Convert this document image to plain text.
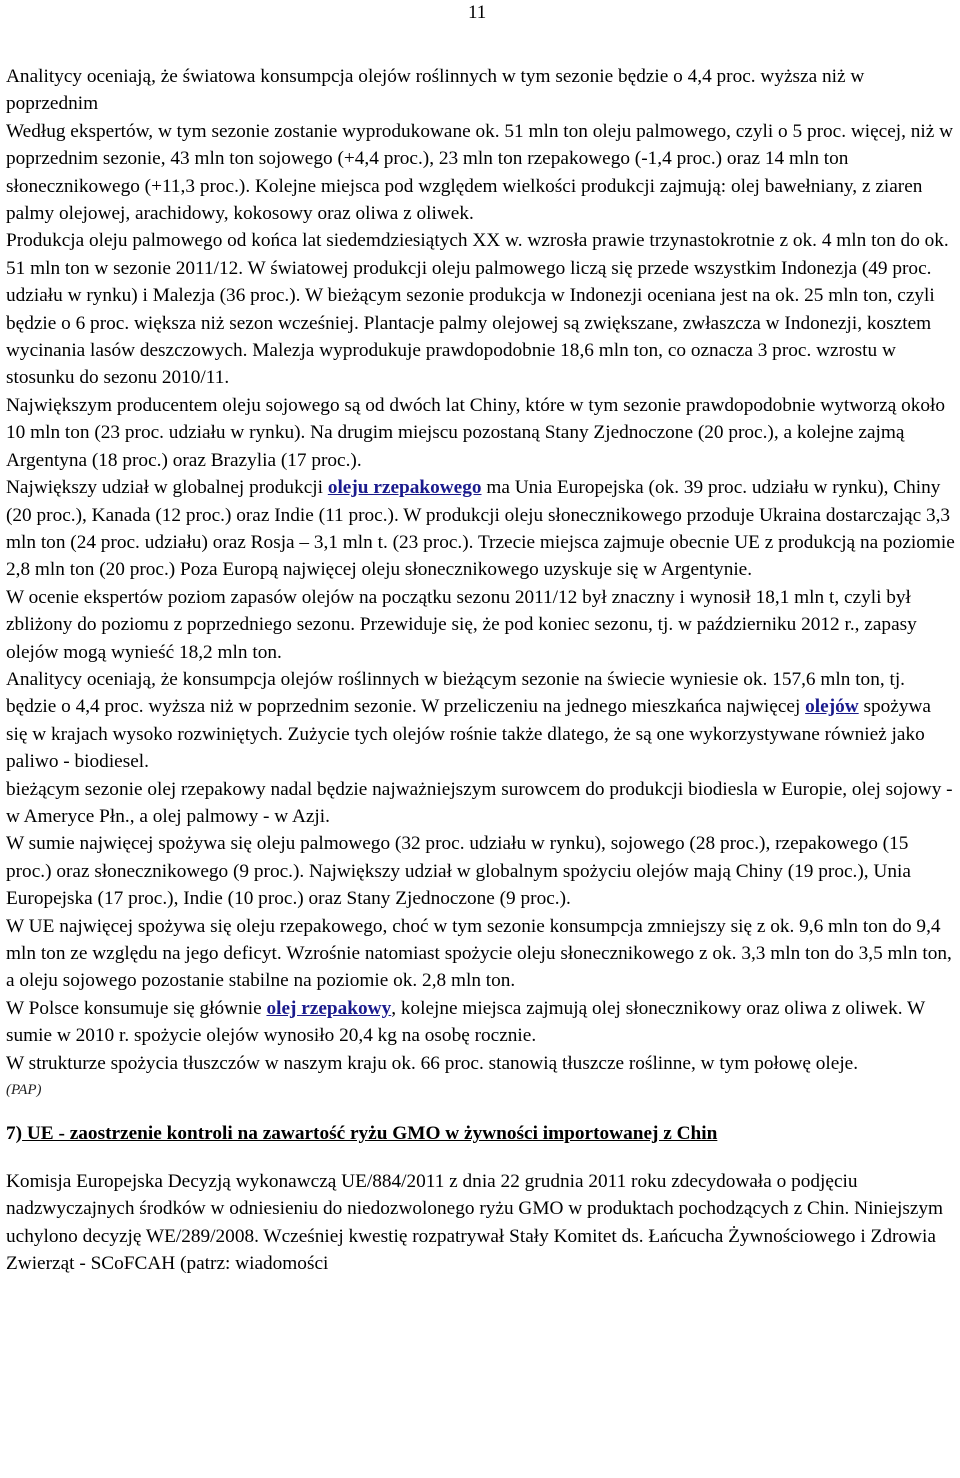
11

Analitycy oceniają, że światowa konsumpcja olejów roślinnych w tym sezonie będzie o 4,4 proc. wyższa niż w poprzednim

Według ekspertów, w tym sezonie zostanie wyprodukowane ok. 51 mln ton oleju palmowego, czyli o 5 proc. więcej, niż w poprzednim sezonie, 43 mln ton sojowego (+4,4 proc.), 23 mln ton rzepakowego (-1,4 proc.) oraz 14 mln ton słonecznikowego (+11,3 proc.). Kolejne miejsca pod względem wielkości produkcji zajmują: olej bawełniany, z ziaren palmy olejowej, arachidowy, kokosowy oraz oliwa z oliwek.

Produkcja oleju palmowego od końca lat siedemdziesiątych XX w. wzrosła prawie trzynastokrotnie z ok. 4 mln ton do ok. 51 mln ton w sezonie 2011/12. W światowej produkcji oleju palmowego liczą się przede wszystkim Indonezja (49 proc. udziału w rynku) i Malezja (36 proc.). W bieżącym sezonie produkcja w Indonezji oceniana jest na ok. 25 mln ton, czyli będzie o 6 proc. większa niż sezon wcześniej. Plantacje palmy olejowej są zwiększane, zwłaszcza w Indonezji, kosztem wycinania lasów deszczowych. Malezja wyprodukuje prawdopodobnie 18,6 mln ton, co oznacza 3 proc. wzrostu w stosunku do sezonu 2010/11.

Największym producentem oleju sojowego są od dwóch lat Chiny, które w tym sezonie prawdopodobnie wytworzą około 10 mln ton (23 proc. udziału w rynku). Na drugim miejscu pozostaną Stany Zjednoczone (20 proc.), a kolejne zajmą Argentyna (18 proc.) oraz Brazylia (17 proc.).

Największy udział w globalnej produkcji oleju rzepakowego ma Unia Europejska (ok. 39 proc. udziału w rynku), Chiny (20 proc.), Kanada (12 proc.) oraz Indie (11 proc.). W produkcji oleju słonecznikowego przoduje Ukraina dostarczając 3,3 mln ton (24 proc. udziału) oraz Rosja – 3,1 mln t. (23 proc.). Trzecie miejsca zajmuje obecnie UE z produkcją na poziomie 2,8 mln ton (20 proc.) Poza Europą najwięcej oleju słonecznikowego uzyskuje się w Argentynie.

W ocenie ekspertów poziom zapasów olejów na początku sezonu 2011/12 był znaczny i wynosił 18,1 mln t, czyli był zbliżony do poziomu z poprzedniego sezonu. Przewiduje się, że pod koniec sezonu, tj. w październiku 2012 r., zapasy olejów mogą wynieść 18,2 mln ton.

Analitycy oceniają, że konsumpcja olejów roślinnych w bieżącym sezonie na świecie wyniesie ok. 157,6 mln ton, tj. będzie o 4,4 proc. wyższa niż w poprzednim sezonie. W przeliczeniu na jednego mieszkańca najwięcej olejów spożywa się w krajach wysoko rozwiniętych. Zużycie tych olejów rośnie także dlatego, że są one wykorzystywane również jako paliwo - biodiesel.

bieżącym sezonie olej rzepakowy nadal będzie najważniejszym surowcem do produkcji biodiesla w Europie, olej sojowy - w Ameryce Płn., a olej palmowy - w Azji.

W sumie najwięcej spożywa się oleju palmowego (32 proc. udziału w rynku), sojowego (28 proc.), rzepakowego (15 proc.) oraz słonecznikowego (9 proc.). Największy udział w globalnym spożyciu olejów mają Chiny (19 proc.), Unia Europejska (17 proc.), Indie (10 proc.) oraz Stany Zjednoczone (9 proc.).

W UE najwięcej spożywa się oleju rzepakowego, choć w tym sezonie konsumpcja zmniejszy się z ok. 9,6 mln ton do 9,4 mln ton ze względu na jego deficyt. Wzrośnie natomiast spożycie oleju słonecznikowego z ok. 3,3 mln ton do 3,5 mln ton, a oleju sojowego pozostanie stabilne na poziomie ok. 2,8 mln ton.

W Polsce konsumuje się głównie olej rzepakowy, kolejne miejsca zajmują olej słonecznikowy oraz oliwa z oliwek. W sumie w 2010 r. spożycie olejów wynosiło 20,4 kg na osobę rocznie.

W strukturze spożycia tłuszczów w naszym kraju ok. 66 proc. stanowią tłuszcze roślinne, w tym połowę oleje.

(PAP)

7) UE - zaostrzenie kontroli na zawartość ryżu GMO w żywności importowanej z Chin

Komisja Europejska Decyzją wykonawczą UE/884/2011 z dnia 22 grudnia 2011 roku zdecydowała o podjęciu nadzwyczajnych środków w odniesieniu do niedozwolonego ryżu GMO w produktach pochodzących z Chin. Niniejszym uchylono decyzję WE/289/2008. Wcześniej kwestię rozpatrywał Stały Komitet ds. Łańcucha Żywnościowego i Zdrowia Zwierząt - SCoFCAH (patrz: wiadomości
